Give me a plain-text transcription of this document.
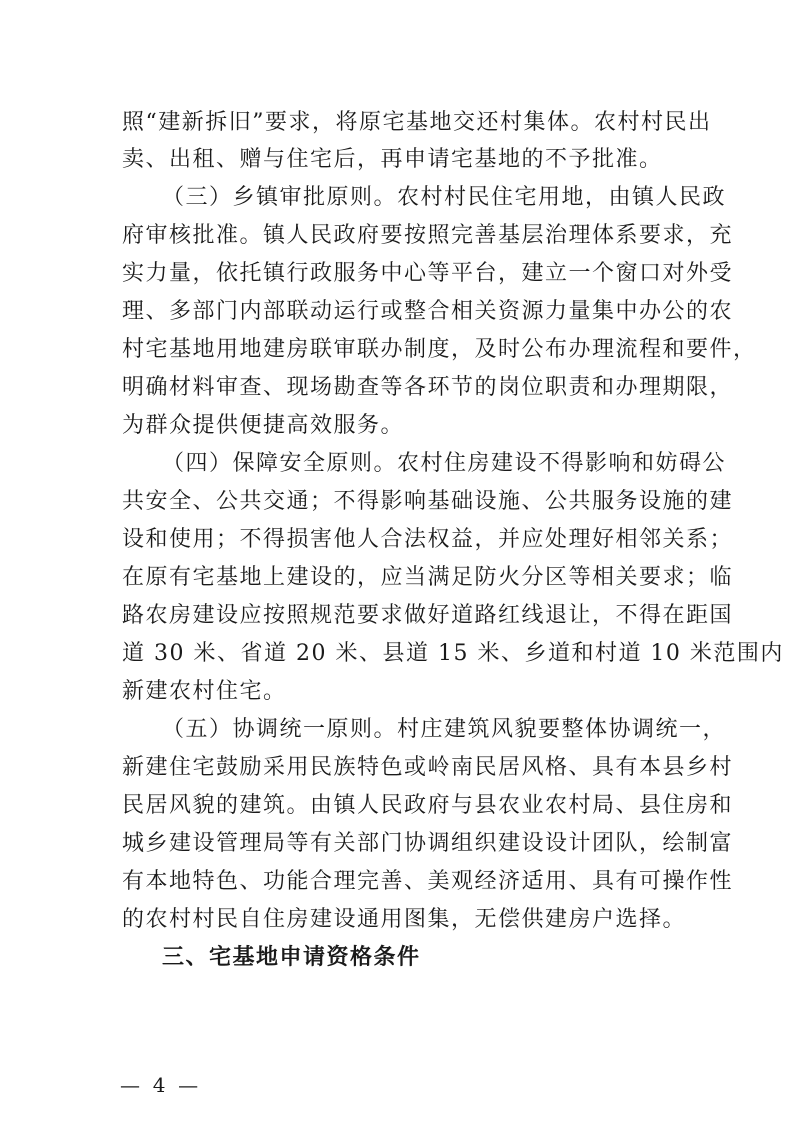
照“建新拆旧”要求，将原宅基地交还村集体。农村村民出
卖、出租、赠与住宅后，再申请宅基地的不予批准。
（三）乡镇审批原则。农村村民住宅用地，由镇人民政
府审核批准。镇人民政府要按照完善基层治理体系要求，充
实力量，依托镇行政服务中心等平台，建立一个窗口对外受
理、多部门内部联动运行或整合相关资源力量集中办公的农
村宅基地用地建房联审联办制度，及时公布办理流程和要件，
明确材料审查、现场勘查等各环节的岗位职责和办理期限，
为群众提供便捷高效服务。
（四）保障安全原则。农村住房建设不得影响和妨碍公
共安全、公共交通；不得影响基础设施、公共服务设施的建
设和使用；不得损害他人合法权益，并应处理好相邻关系；
在原有宅基地上建设的，应当满足防火分区等相关要求；临
路农房建设应按照规范要求做好道路红线退让，不得在距国
道 30 米、省道 20 米、县道 15 米、乡道和村道 10 米范围内
新建农村住宅。
（五）协调统一原则。村庄建筑风貌要整体协调统一，
新建住宅鼓励采用民族特色或岭南民居风格、具有本县乡村
民居风貌的建筑。由镇人民政府与县农业农村局、县住房和
城乡建设管理局等有关部门协调组织建设设计团队，绘制富
有本地特色、功能合理完善、美观经济适用、具有可操作性
的农村村民自住房建设通用图集，无偿供建房户选择。
三、宅基地申请资格条件
—  4  —
